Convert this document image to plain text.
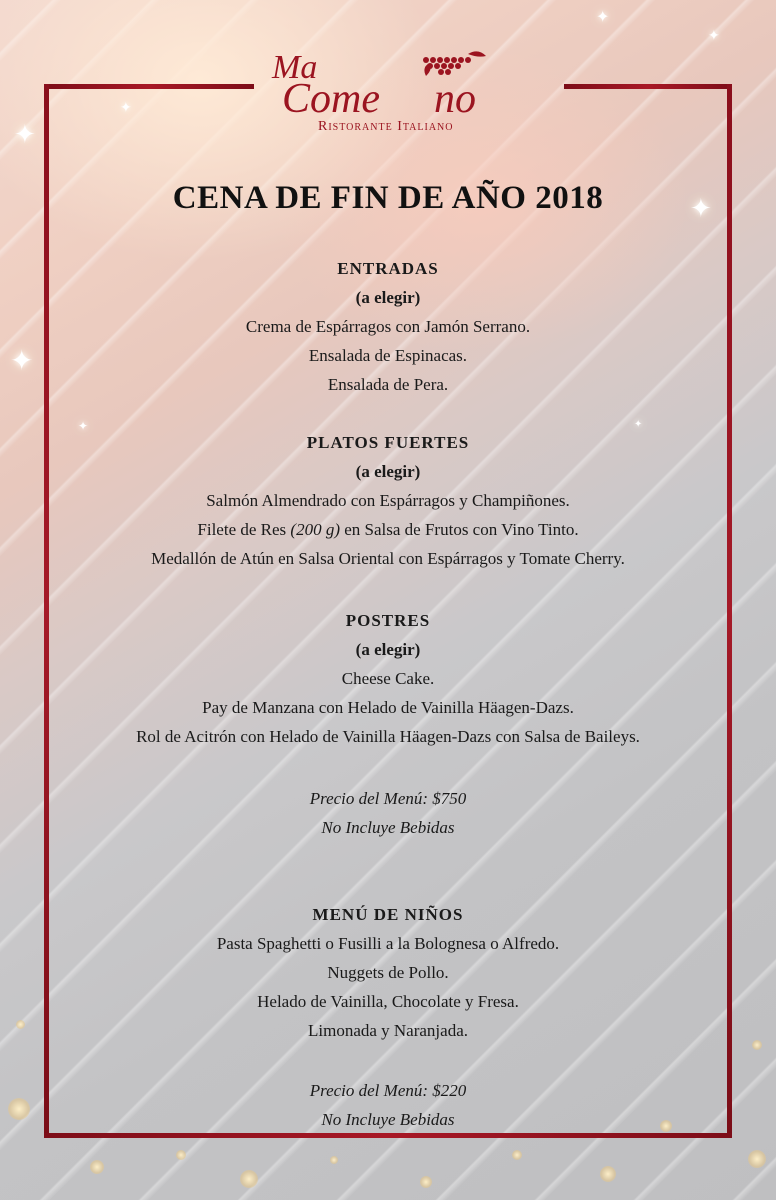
✦
✦
✦
✦
✦
✦
✦
✦
Ma
Come no
Ristorante Italiano
CENA DE FIN DE AÑO 2018
ENTRADAS
(a elegir)
Crema de Espárragos con Jamón Serrano.
Ensalada de Espinacas.
Ensalada de Pera.
PLATOS FUERTES
(a elegir)
Salmón Almendrado con Espárragos y Champiñones.
Filete de Res (200 g) en Salsa de Frutos con Vino Tinto.
Medallón de Atún en Salsa Oriental con Espárragos y Tomate Cherry.
POSTRES
(a elegir)
Cheese Cake.
Pay de Manzana con Helado de Vainilla Häagen-Dazs.
Rol de Acitrón con Helado de Vainilla Häagen-Dazs con Salsa de Baileys.
Precio del Menú: $750
No Incluye Bebidas
MENÚ DE NIÑOS
Pasta Spaghetti o Fusilli a la Bolognesa o Alfredo.
Nuggets de Pollo.
Helado de Vainilla, Chocolate y Fresa.
Limonada y Naranjada.
Precio del Menú: $220
No Incluye Bebidas
